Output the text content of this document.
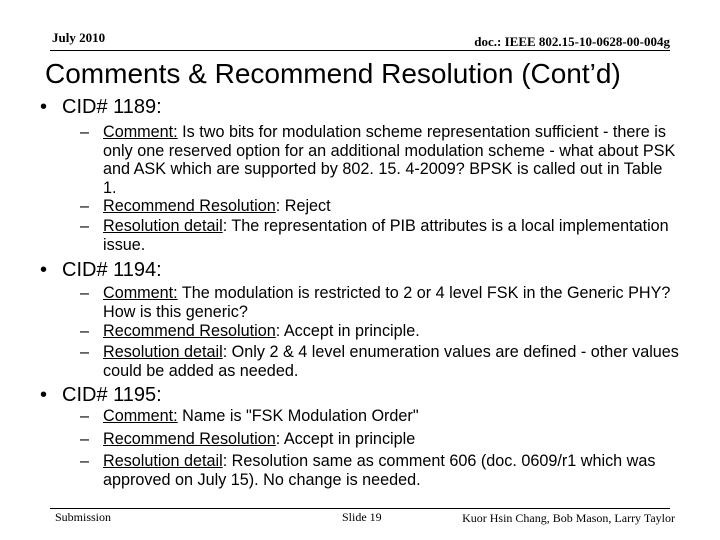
July 2010	doc.: IEEE 802.15-10-0628-00-004g
Comments & Recommend Resolution (Cont’d)
• CID# 1189:
– Comment: Is two bits for modulation scheme representation sufficient - there is only one reserved option for an additional modulation scheme - what about PSK and ASK which are supported by 802. 15. 4-2009? BPSK is called out in Table 1.
– Recommend Resolution: Reject
– Resolution detail: The representation of PIB attributes is a local implementation issue.
• CID# 1194:
– Comment: The modulation is restricted to 2 or 4 level FSK in the Generic PHY? How is this generic?
– Recommend Resolution: Accept in principle.
– Resolution detail: Only 2 & 4 level enumeration values are defined - other values could be added as needed.
• CID# 1195:
– Comment: Name is "FSK Modulation Order"
– Recommend Resolution: Accept in principle
– Resolution detail: Resolution same as comment 606 (doc. 0609/r1 which was approved on July 15). No change is needed.
Submission	Slide 19	Kuor Hsin Chang, Bob Mason, Larry Taylor
